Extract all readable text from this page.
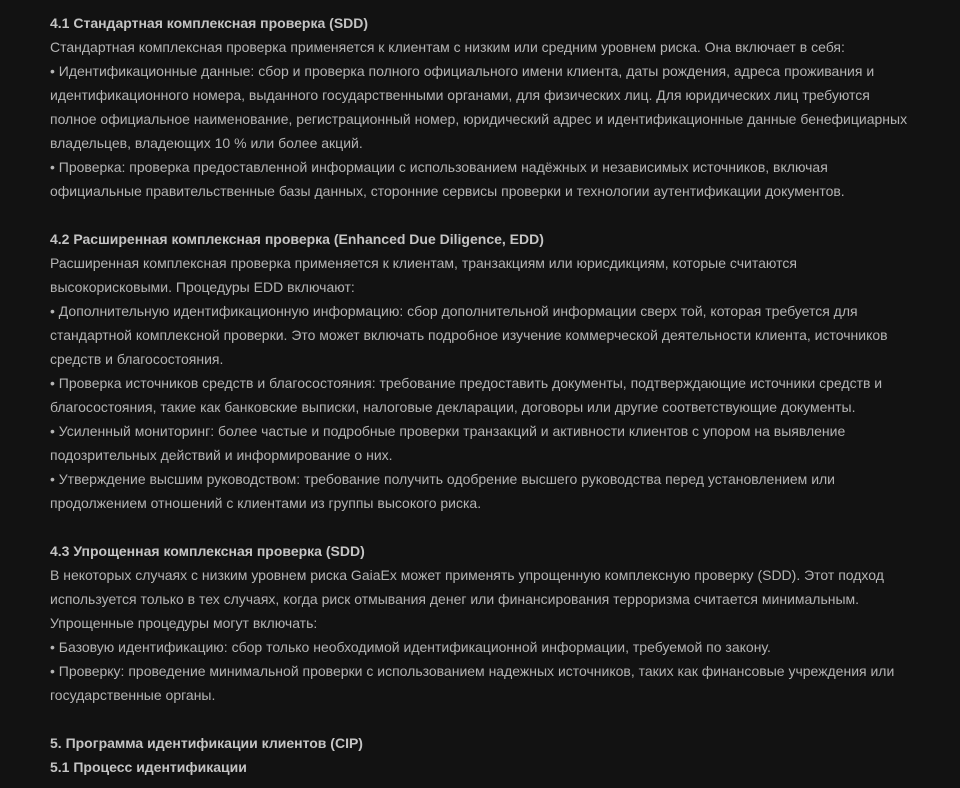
4.1 Стандартная комплексная проверка (SDD)

Стандартная комплексная проверка применяется к клиентам с низким или средним уровнем риска. Она включает в себя:

• Идентификационные данные: сбор и проверка полного официального имени клиента, даты рождения, адреса проживания и идентификационного номера, выданного государственными органами, для физических лиц. Для юридических лиц требуются полное официальное наименование, регистрационный номер, юридический адрес и идентификационные данные бенефициарных владельцев, владеющих 10 % или более акций.

• Проверка: проверка предоставленной информации с использованием надёжных и независимых источников, включая официальные правительственные базы данных, сторонние сервисы проверки и технологии аутентификации документов.

4.2 Расширенная комплексная проверка (Enhanced Due Diligence, EDD)

Расширенная комплексная проверка применяется к клиентам, транзакциям или юрисдикциям, которые считаются высокорисковыми. Процедуры EDD включают:

• Дополнительную идентификационную информацию: сбор дополнительной информации сверх той, которая требуется для стандартной комплексной проверки. Это может включать подробное изучение коммерческой деятельности клиента, источников средств и благосостояния.

• Проверка источников средств и благосостояния: требование предоставить документы, подтверждающие источники средств и благосостояния, такие как банковские выписки, налоговые декларации, договоры или другие соответствующие документы.

• Усиленный мониторинг: более частые и подробные проверки транзакций и активности клиентов с упором на выявление подозрительных действий и информирование о них.

• Утверждение высшим руководством: требование получить одобрение высшего руководства перед установлением или продолжением отношений с клиентами из группы высокого риска.

4.3 Упрощенная комплексная проверка (SDD)

В некоторых случаях с низким уровнем риска GaiaEx может применять упрощенную комплексную проверку (SDD). Этот подход используется только в тех случаях, когда риск отмывания денег или финансирования терроризма считается минимальным. Упрощенные процедуры могут включать:

• Базовую идентификацию: сбор только необходимой идентификационной информации, требуемой по закону.

• Проверку: проведение минимальной проверки с использованием надежных источников, таких как финансовые учреждения или государственные органы.

5. Программа идентификации клиентов (CIP)
5.1 Процесс идентификации
